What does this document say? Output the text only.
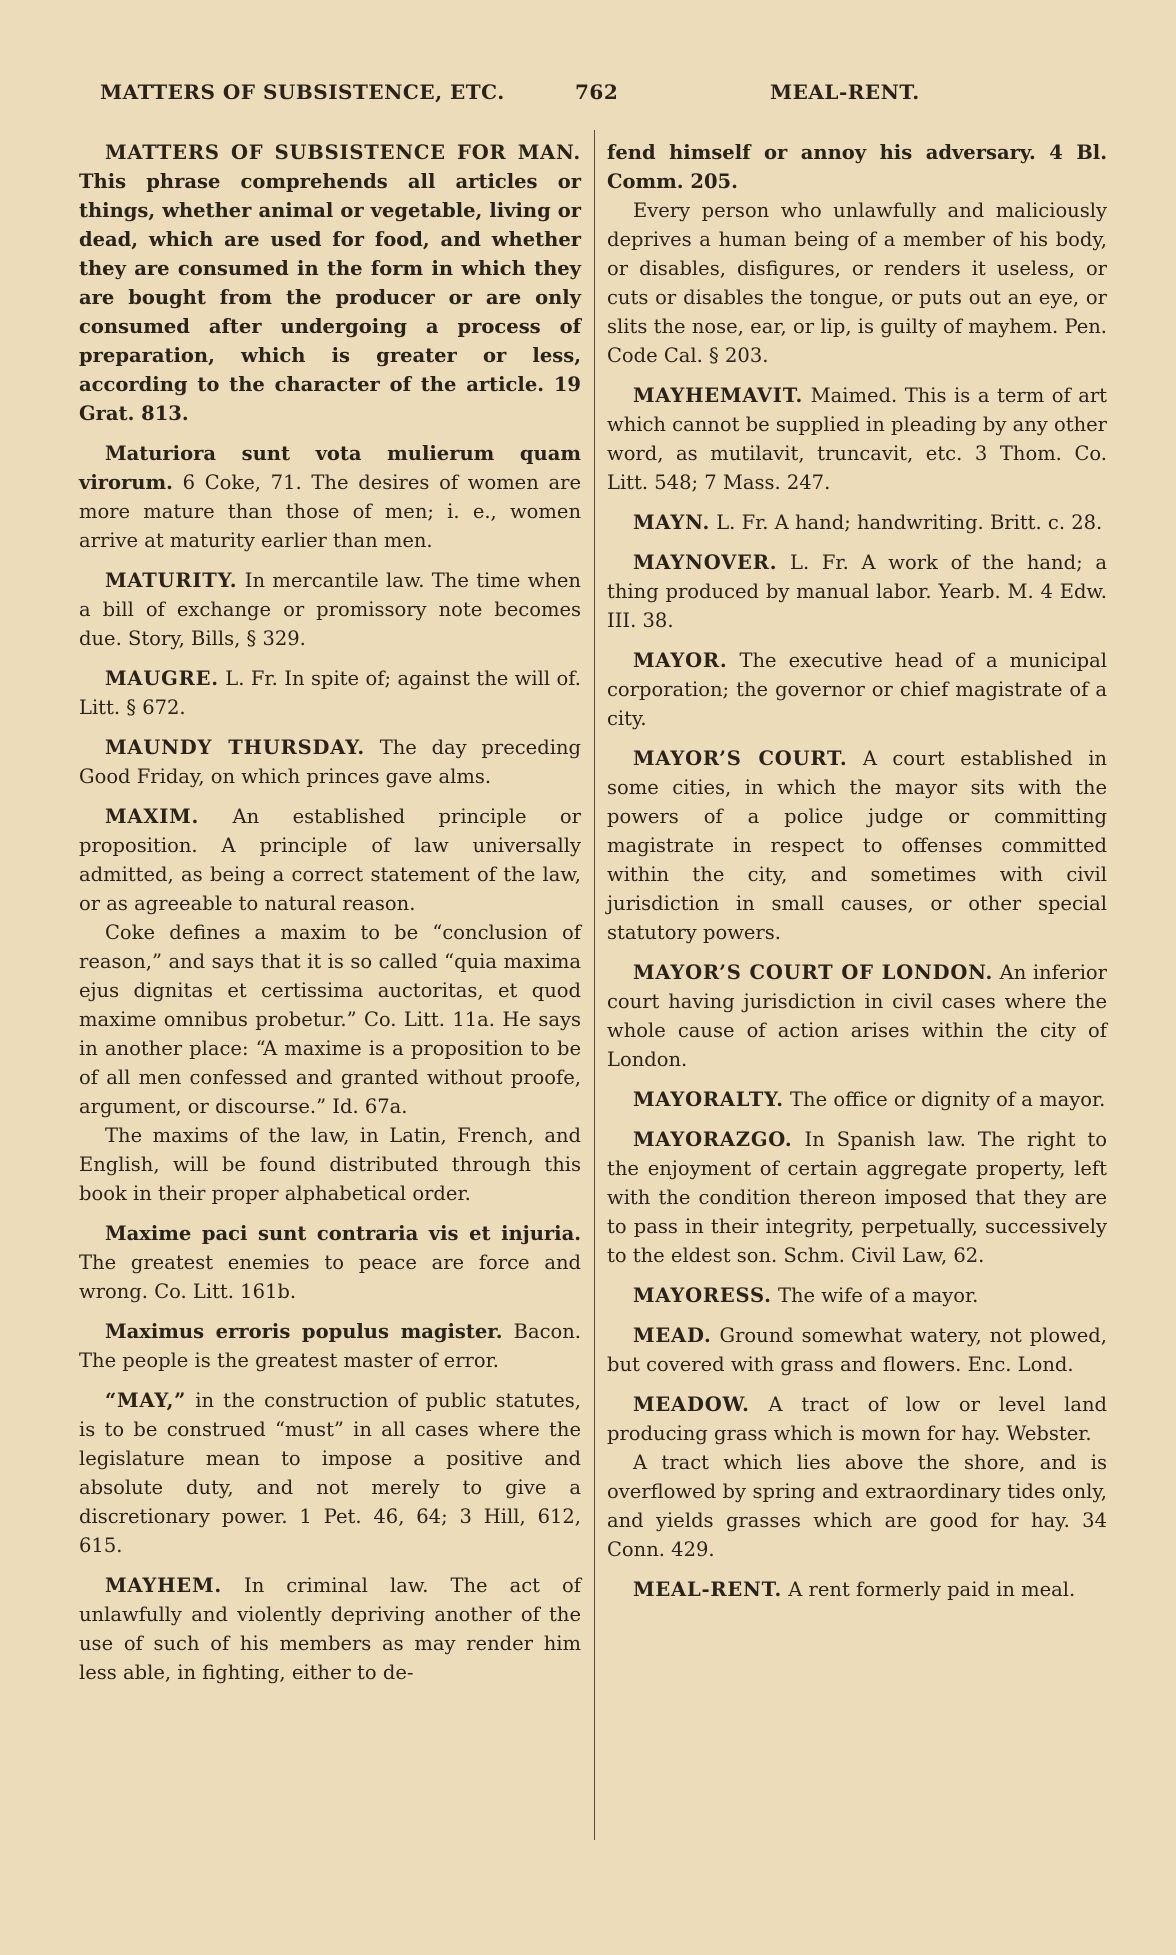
MATTERS OF SUBSISTENCE, ETC.	762	MEAL-RENT.

MATTERS OF SUBSISTENCE FOR MAN. This phrase comprehends all articles or things, whether animal or vegetable, living or dead, which are used for food, and whether they are consumed in the form in which they are bought from the producer or are only consumed after undergoing a process of preparation, which is greater or less, according to the character of the article. 19 Grat. 813.

Maturiora sunt vota mulierum quam virorum. 6 Coke, 71. The desires of women are more mature than those of men; i. e., women arrive at maturity earlier than men.

MATURITY. In mercantile law. The time when a bill of exchange or promissory note becomes due. Story, Bills, § 329.

MAUGRE. L. Fr. In spite of; against the will of. Litt. § 672.

MAUNDY THURSDAY. The day preceding Good Friday, on which princes gave alms.

MAXIM. An established principle or proposition. A principle of law universally admitted, as being a correct statement of the law, or as agreeable to natural reason.

Coke defines a maxim to be “conclusion of reason,” and says that it is so called “quia maxima ejus dignitas et certissima auctoritas, et quod maxime omnibus probetur.” Co. Litt. 11a. He says in another place: “A maxime is a proposition to be of all men confessed and granted without proofe, argument, or discourse.” Id. 67a.

The maxims of the law, in Latin, French, and English, will be found distributed through this book in their proper alphabetical order.

Maxime paci sunt contraria vis et injuria. The greatest enemies to peace are force and wrong. Co. Litt. 161b.

Maximus erroris populus magister. Bacon. The people is the greatest master of error.

“MAY,” in the construction of public statutes, is to be construed “must” in all cases where the legislature mean to impose a positive and absolute duty, and not merely to give a discretionary power. 1 Pet. 46, 64; 3 Hill, 612, 615.

MAYHEM. In criminal law. The act of unlawfully and violently depriving another of the use of such of his members as may render him less able, in fighting, either to de-

fend himself or annoy his adversary. 4 Bl. Comm. 205.

Every person who unlawfully and maliciously deprives a human being of a member of his body, or disables, disfigures, or renders it useless, or cuts or disables the tongue, or puts out an eye, or slits the nose, ear, or lip, is guilty of mayhem. Pen. Code Cal. § 203.

MAYHEMAVIT. Maimed. This is a term of art which cannot be supplied in pleading by any other word, as mutilavit, truncavit, etc. 3 Thom. Co. Litt. 548; 7 Mass. 247.

MAYN. L. Fr. A hand; handwriting. Britt. c. 28.

MAYNOVER. L. Fr. A work of the hand; a thing produced by manual labor. Yearb. M. 4 Edw. III. 38.

MAYOR. The executive head of a municipal corporation; the governor or chief magistrate of a city.

MAYOR’S COURT. A court established in some cities, in which the mayor sits with the powers of a police judge or committing magistrate in respect to offenses committed within the city, and sometimes with civil jurisdiction in small causes, or other special statutory powers.

MAYOR’S COURT OF LONDON. An inferior court having jurisdiction in civil cases where the whole cause of action arises within the city of London.

MAYORALTY. The office or dignity of a mayor.

MAYORAZGO. In Spanish law. The right to the enjoyment of certain aggregate property, left with the condition thereon imposed that they are to pass in their integrity, perpetually, successively to the eldest son. Schm. Civil Law, 62.

MAYORESS. The wife of a mayor.

MEAD. Ground somewhat watery, not plowed, but covered with grass and flowers. Enc. Lond.

MEADOW. A tract of low or level land producing grass which is mown for hay. Webster.

A tract which lies above the shore, and is overflowed by spring and extraordinary tides only, and yields grasses which are good for hay. 34 Conn. 429.

MEAL-RENT. A rent formerly paid in meal.
